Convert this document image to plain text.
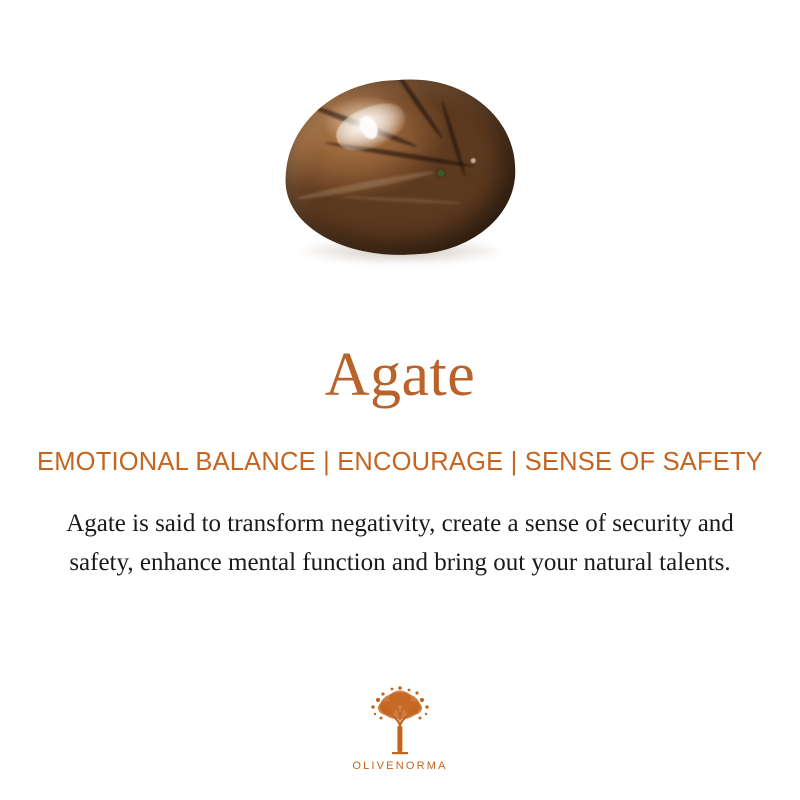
Agate
EMOTIONAL BALANCE | ENCOURAGE | SENSE OF SAFETY

Agate is said to transform negativity, create a sense of security and safety, enhance mental function and bring out your natural talents.

OLIVENORMA
